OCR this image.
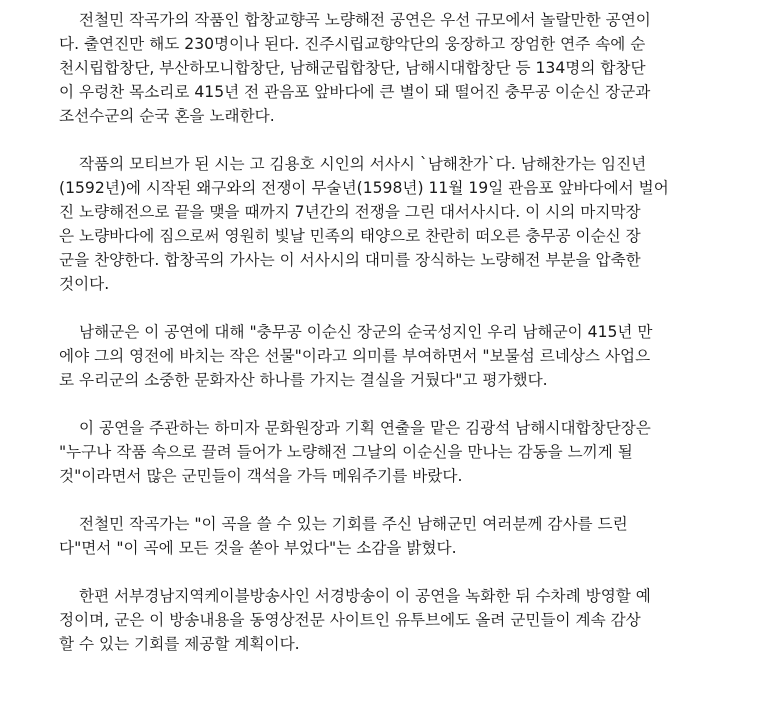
전철민 작곡가의 작품인 합창교향곡 노량해전 공연은 우선 규모에서 놀랄만한 공연이
다. 출연진만 해도 230명이나 된다. 진주시립교향악단의 웅장하고 장엄한 연주 속에 순
천시립합창단, 부산하모니합창단, 남해군립합창단, 남해시대합창단 등 134명의 합창단
이 우렁찬 목소리로 415년 전 관음포 앞바다에 큰 별이 돼 떨어진 충무공 이순신 장군과
조선수군의 순국 혼을 노래한다.

작품의 모티브가 된 시는 고 김용호 시인의 서사시 `남해찬가`다. 남해찬가는 임진년
(1592년)에 시작된 왜구와의 전쟁이 무술년(1598년) 11월 19일 관음포 앞바다에서 벌어
진 노량해전으로 끝을 맺을 때까지 7년간의 전쟁을 그린 대서사시다. 이 시의 마지막장
은 노량바다에 짐으로써 영원히 빛날 민족의 태양으로 찬란히 떠오른 충무공 이순신 장
군을 찬양한다. 합창곡의 가사는 이 서사시의 대미를 장식하는 노량해전 부분을 압축한
것이다.

남해군은 이 공연에 대해 "충무공 이순신 장군의 순국성지인 우리 남해군이 415년 만
에야 그의 영전에 바치는 작은 선물"이라고 의미를 부여하면서 "보물섬 르네상스 사업으
로 우리군의 소중한 문화자산 하나를 가지는 결실을 거뒀다"고 평가했다.

이 공연을 주관하는 하미자 문화원장과 기획 연출을 맡은 김광석 남해시대합창단장은
"누구나 작품 속으로 끌려 들어가 노량해전 그날의 이순신을 만나는 감동을 느끼게 될
것"이라면서 많은 군민들이 객석을 가득 메워주기를 바랐다.

전철민 작곡가는 "이 곡을 쓸 수 있는 기회를 주신 남해군민 여러분께 감사를 드린
다"면서 "이 곡에 모든 것을 쏟아 부었다"는 소감을 밝혔다.

한편 서부경남지역케이블방송사인 서경방송이 이 공연을 녹화한 뒤 수차례 방영할 예
정이며, 군은 이 방송내용을 동영상전문 사이트인 유투브에도 올려 군민들이 계속 감상
할 수 있는 기회를 제공할 계획이다.
